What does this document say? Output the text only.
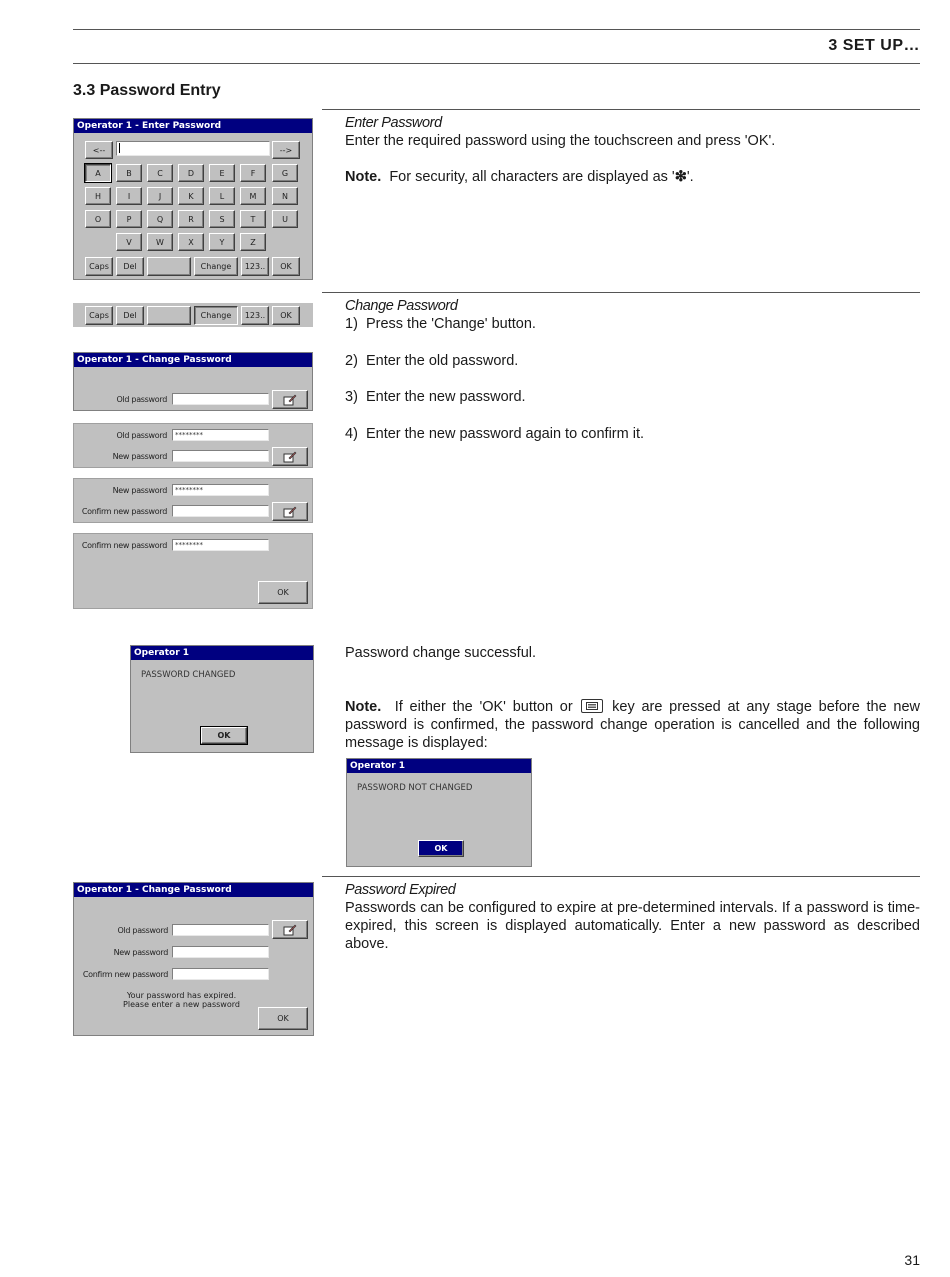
3 SET UP…
3.3 Password Entry
Enter Password
Enter the required password using the touchscreen and press 'OK'.
Note. For security, all characters are displayed as '❇'.
Operator 1 - Enter Password
<--	-->
A	B	C	D	E	F	G
H	I	J	K	L	M	N
O	P	Q	R	S	T	U
V	W	X	Y	Z
Caps	Del	Change	123..	OK
Change Password
1) Press the 'Change' button.
2) Enter the old password.
3) Enter the new password.
4) Enter the new password again to confirm it.
Caps	Del	Change	123..	OK
Operator 1 - Change Password
Old password
Old password	********
New password
New password	********
Confirm new password
Confirm new password	********
OK
Operator 1
PASSWORD CHANGED
OK
Password change successful.
Note. If either the 'OK' button or	key are pressed at any stage before the new password is confirmed, the password change operation is cancelled and the following message is displayed:
Operator 1
PASSWORD NOT CHANGED
OK
Password Expired
Passwords can be configured to expire at pre-determined intervals. If a password is time-expired, this screen is displayed automatically. Enter a new password as described above.
Operator 1 - Change Password
Old password
New password
Confirm new password
Your password has expired.
Please enter a new password
OK
31
